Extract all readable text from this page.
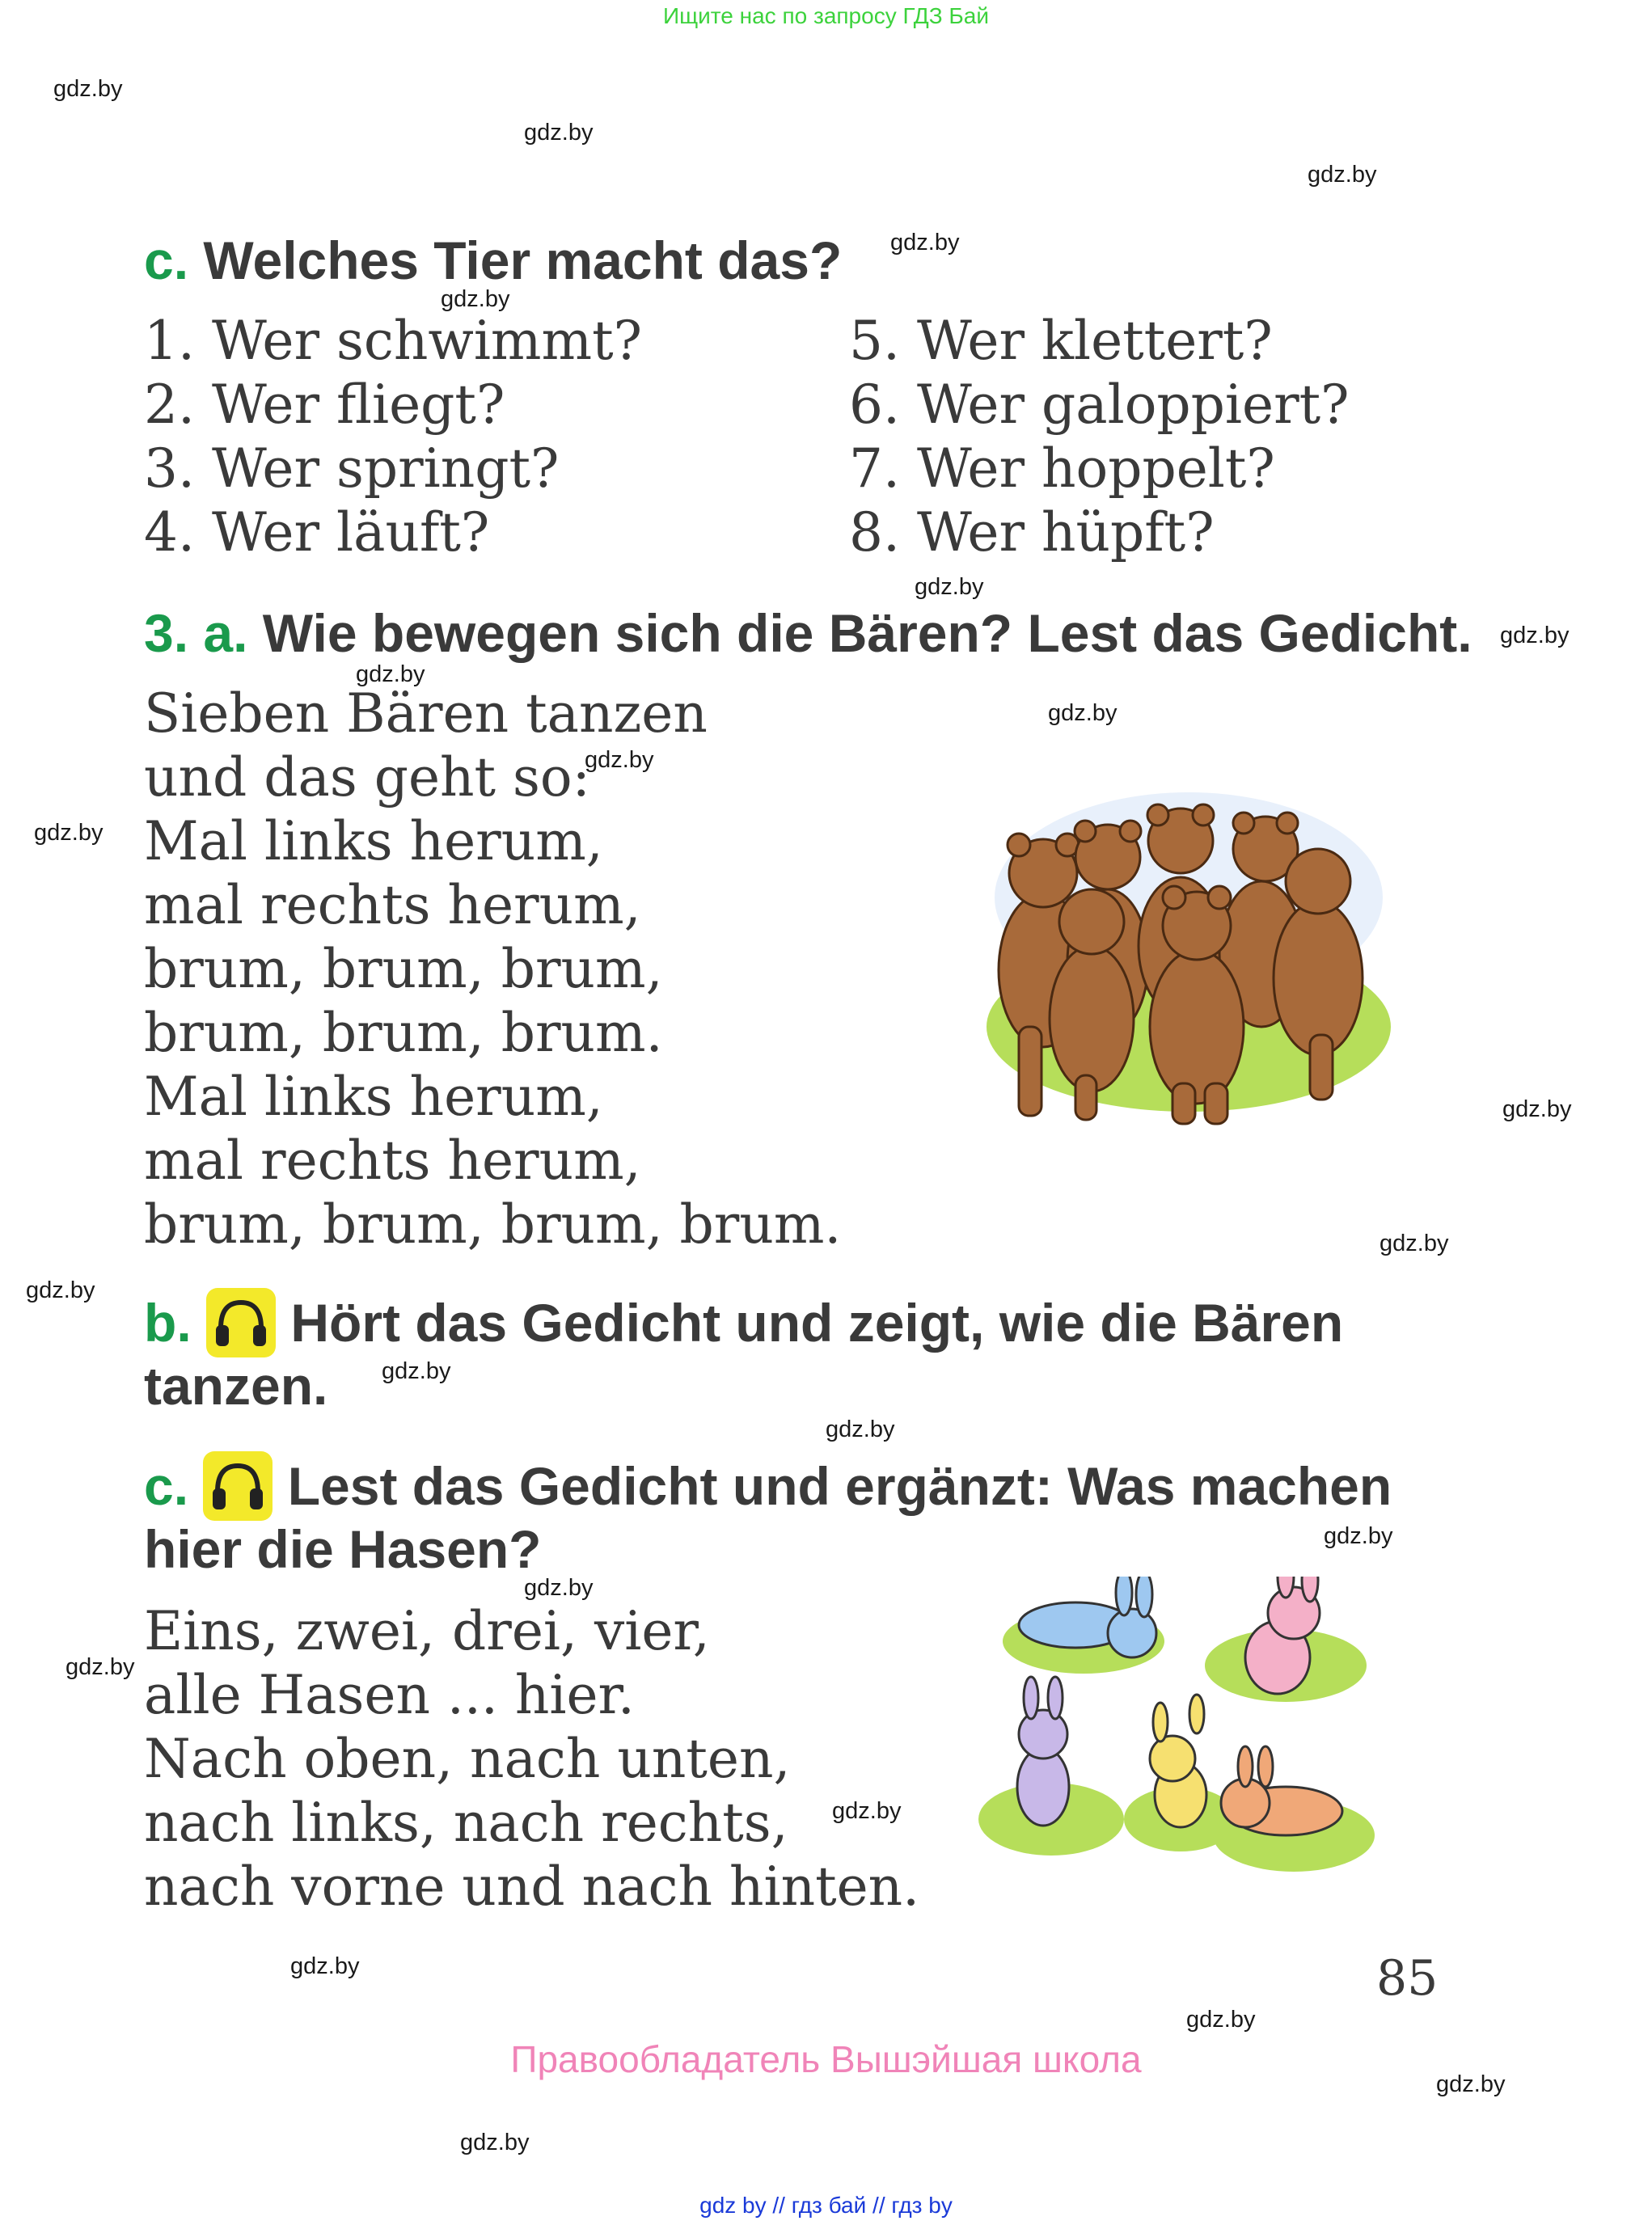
Ищите нас по запросу ГДЗ Бай
gdz.by
gdz.by
gdz.by
gdz.by
gdz.by
gdz.by
gdz.by
gdz.by
gdz.by
gdz.by
gdz.by
gdz.by
gdz.by
gdz.by
gdz.by
gdz.by
gdz.by
gdz.by
gdz.by
gdz.by
gdz.by
gdz.by
gdz.by
gdz.by
c. Welches Tier macht das?
1. Wer schwimmt?
2. Wer fliegt?
3. Wer springt?
4. Wer läuft?
5. Wer klettert?
6. Wer galoppiert?
7. Wer hoppelt?
8. Wer hüpft?
3. a. Wie bewegen sich die Bären? Lest das Gedicht.
Sieben Bären tanzen
und das geht so:
Mal links herum,
mal rechts herum,
brum, brum, brum,
brum, brum, brum.
Mal links herum,
mal rechts herum,
brum, brum, brum, brum.
b. Hört das Gedicht und zeigt, wie die Bären
tanzen.
c. Lest das Gedicht und ergänzt: Was machen
hier die Hasen?
Eins, zwei, drei, vier,
alle Hasen ... hier.
Nach oben, nach unten,
nach links, nach rechts,
nach vorne und nach hinten.
85
Правообладатель Вышэйшая школа
gdz by // гдз бай // гдз by
